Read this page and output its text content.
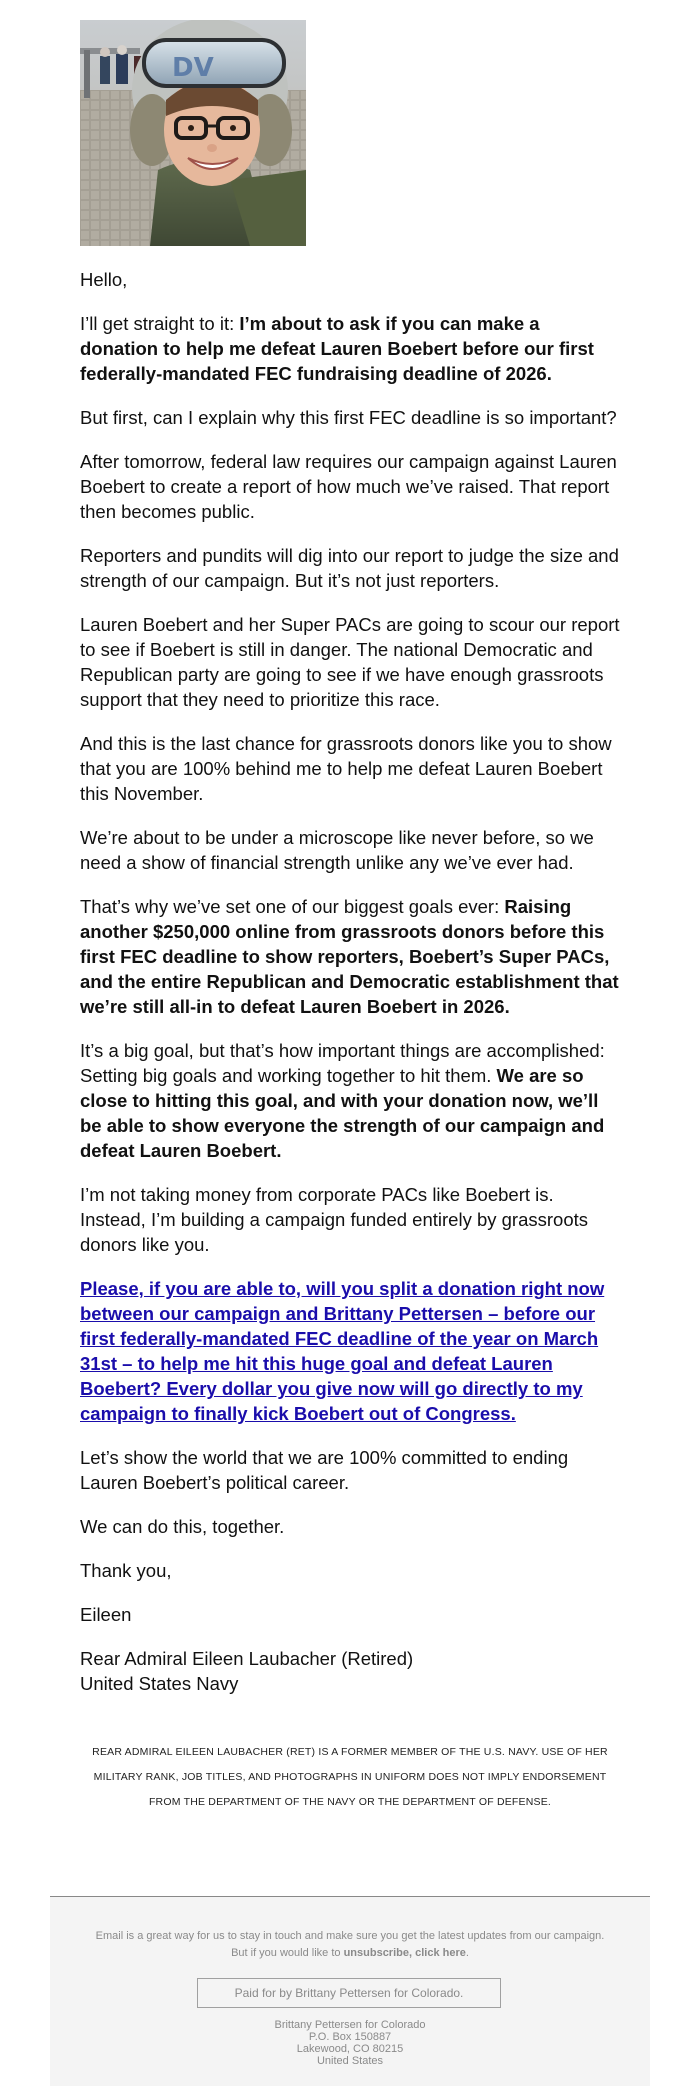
DV

Hello,

I’ll get straight to it: I’m about to ask if you can make a donation to help me defeat Lauren Boebert before our first federally-mandated FEC fundraising deadline of 2026.

But first, can I explain why this first FEC deadline is so important?

After tomorrow, federal law requires our campaign against Lauren Boebert to create a report of how much we’ve raised. That report then becomes public.

Reporters and pundits will dig into our report to judge the size and strength of our campaign. But it’s not just reporters.

Lauren Boebert and her Super PACs are going to scour our report to see if Boebert is still in danger. The national Democratic and Republican party are going to see if we have enough grassroots support that they need to prioritize this race.

And this is the last chance for grassroots donors like you to show that you are 100% behind me to help me defeat Lauren Boebert this November.

We’re about to be under a microscope like never before, so we need a show of financial strength unlike any we’ve ever had.

That’s why we’ve set one of our biggest goals ever: Raising another $250,000 online from grassroots donors before this first FEC deadline to show reporters, Boebert’s Super PACs, and the entire Republican and Democratic establishment that we’re still all-in to defeat Lauren Boebert in 2026.

It’s a big goal, but that’s how important things are accomplished: Setting big goals and working together to hit them. We are so close to hitting this goal, and with your donation now, we’ll be able to show everyone the strength of our campaign and defeat Lauren Boebert.

I’m not taking money from corporate PACs like Boebert is. Instead, I’m building a campaign funded entirely by grassroots donors like you.

Please, if you are able to, will you split a donation right now between our campaign and Brittany Pettersen – before our first federally-mandated FEC deadline of the year on March 31st – to help me hit this huge goal and defeat Lauren Boebert? Every dollar you give now will go directly to my campaign to finally kick Boebert out of Congress.

Let’s show the world that we are 100% committed to ending Lauren Boebert’s political career.

We can do this, together.

Thank you,

Eileen

Rear Admiral Eileen Laubacher (Retired)

United States Navy

REAR ADMIRAL EILEEN LAUBACHER (RET) IS A FORMER MEMBER OF THE U.S. NAVY. USE OF HER MILITARY RANK, JOB TITLES, AND PHOTOGRAPHS IN UNIFORM DOES NOT IMPLY ENDORSEMENT FROM THE DEPARTMENT OF THE NAVY OR THE DEPARTMENT OF DEFENSE.
Email is a great way for us to stay in touch and make sure you get the latest updates from our campaign.
But if you would like to unsubscribe, click here.
Paid for by Brittany Pettersen for Colorado.
Brittany Pettersen for Colorado
P.O. Box 150887
Lakewood, CO 80215
United States
